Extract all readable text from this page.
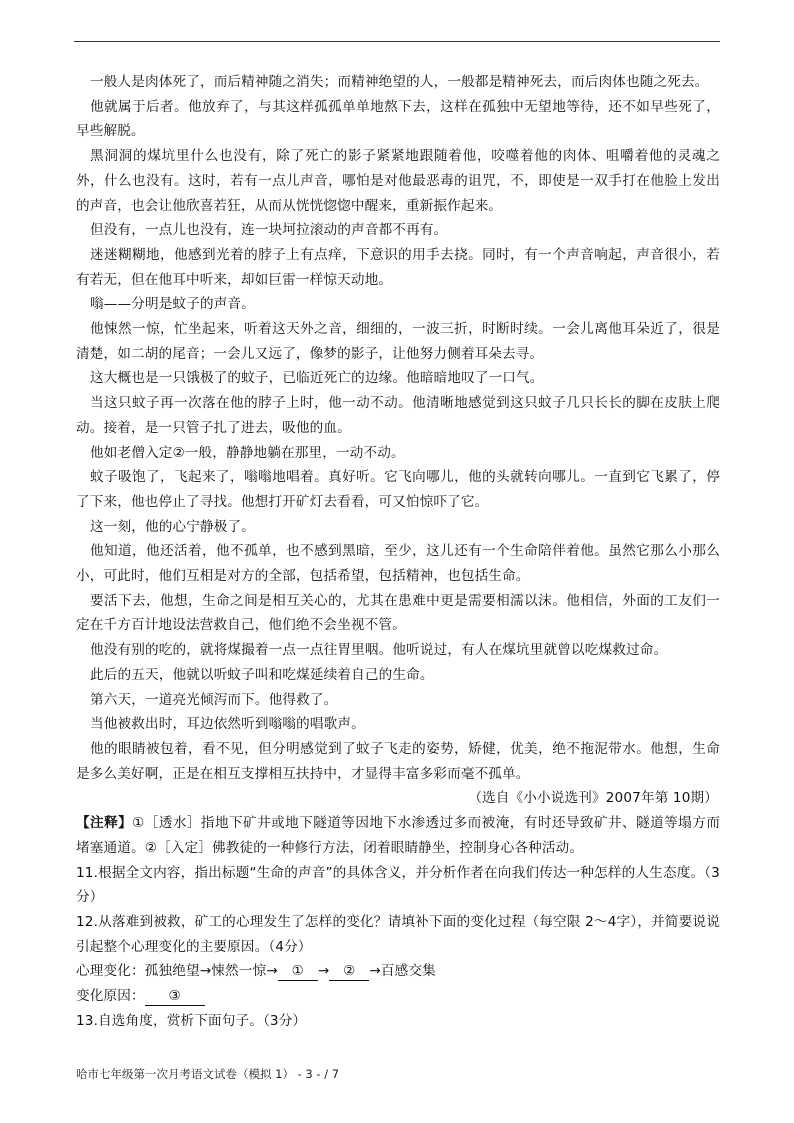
一般人是肉体死了，而后精神随之消失；而精神绝望的人，一般都是精神死去，而后肉体也随之死去。

他就属于后者。他放弃了，与其这样孤孤单单地熬下去，这样在孤独中无望地等待，还不如早些死了，早些解脱。

黑洞洞的煤坑里什么也没有，除了死亡的影子紧紧地跟随着他，咬噬着他的肉体、咀嚼着他的灵魂之外，什么也没有。这时，若有一点儿声音，哪怕是对他最恶毒的诅咒，不，即使是一双手打在他脸上发出的声音，也会让他欣喜若狂，从而从恍恍惚惚中醒来，重新振作起来。

但没有，一点儿也没有，连一块坷拉滚动的声音都不再有。

迷迷糊糊地，他感到光着的脖子上有点痒，下意识的用手去挠。同时，有一个声音响起，声音很小，若有若无，但在他耳中听来，却如巨雷一样惊天动地。

嗡——分明是蚊子的声音。

他悚然一惊，忙坐起来，听着这天外之音，细细的，一波三折，时断时续。一会儿离他耳朵近了，很是清楚，如二胡的尾音；一会儿又远了，像梦的影子，让他努力侧着耳朵去寻。

这大概也是一只饿极了的蚊子，已临近死亡的边缘。他暗暗地叹了一口气。

当这只蚊子再一次落在他的脖子上时，他一动不动。他清晰地感觉到这只蚊子几只长长的脚在皮肤上爬动。接着，是一只管子扎了进去，吸他的血。

他如老僧入定②一般，静静地躺在那里，一动不动。

蚊子吸饱了，飞起来了，嗡嗡地唱着。真好听。它飞向哪儿，他的头就转向哪儿。一直到它飞累了，停了下来，他也停止了寻找。他想打开矿灯去看看，可又怕惊吓了它。

这一刻，他的心宁静极了。

他知道，他还活着，他不孤单，也不感到黑暗，至少，这儿还有一个生命陪伴着他。虽然它那么小那么小，可此时，他们互相是对方的全部，包括希望，包括精神，也包括生命。

要活下去，他想，生命之间是相互关心的，尤其在患难中更是需要相濡以沫。他相信，外面的工友们一定在千方百计地设法营救自己，他们绝不会坐视不管。

他没有别的吃的，就将煤撮着一点一点往胃里咽。他听说过，有人在煤坑里就曾以吃煤救过命。

此后的五天，他就以听蚊子叫和吃煤延续着自己的生命。

第六天，一道亮光倾泻而下。他得救了。

当他被救出时，耳边依然听到嗡嗡的唱歌声。

他的眼睛被包着，看不见，但分明感觉到了蚊子飞走的姿势，矫健，优美，绝不拖泥带水。他想，生命是多么美好啊，正是在相互支撑相互扶持中，才显得丰富多彩而毫不孤单。

（选自《小小说选刊》2007年第 10期）

【注释】①［透水］指地下矿井或地下隧道等因地下水渗透过多而被淹，有时还导致矿井、隧道等塌方而堵塞通道。②［入定］佛教徒的一种修行方法，闭着眼睛静坐，控制身心各种活动。

11.根据全文内容，指出标题“生命的声音”的具体含义，并分析作者在向我们传达一种怎样的人生态度。（3分）

12.从落难到被救，矿工的心理发生了怎样的变化？请填补下面的变化过程（每空限 2～4字），并简要说说引起整个心理变化的主要原因。（4分）

心理变化：孤独绝望→悚然一惊→ ① → ② →百感交集

变化原因： ③

13.自选角度，赏析下面句子。（3分）

哈市七年级第一次月考语文试卷（模拟 1） - 3 - / 7
